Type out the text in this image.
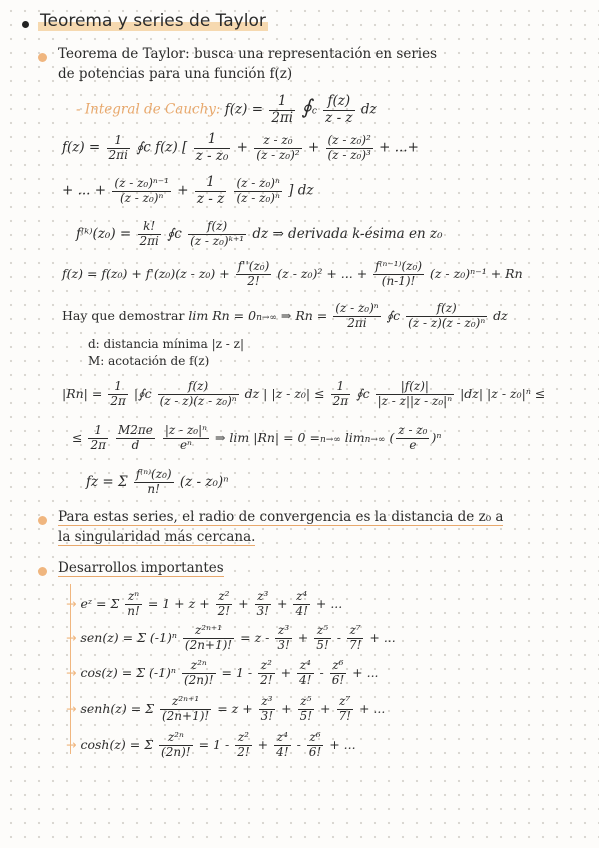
Teorema y series de Taylor
Teorema de Taylor: busca una representación en series
de potencias para una función f(z)
- Integral de Cauchy: $f(z) = \frac{1}{2\pi i}$ ∮c $\frac{f(z)}{z - z}$ dz
$f(z) = \frac{1}{2\pi i}$ ∮c f(z) [ $\frac{1}{\text{z - z₀}} + \frac{\text{z - z₀}}{\text{(z - z₀)²}} + \frac{\text{(z - z₀)²}}{\text{(z - z₀)³}}$ + ...+
+ ... + $\frac{\text{(z - z₀)ⁿ⁻¹}}{\text{(z - z₀)ⁿ}} + \frac{1}{z - z}$
$\frac{\text{(z - z₀)ⁿ}}{\text{(z - z₀)ⁿ}}$ ] dz
f⁽ᵏ⁾(z₀) = $\frac{k!}{2\pi i}$ ∮c $\frac{f(z)}{\text{(z - z₀)ᵏ⁺¹}}$ dz ⇒ derivada k-ésima en z₀
$f(z) = f(z_0) + f'(z_0)(z - z_0) + \frac{\text{f''(z₀)}}{2!} (z - z_0)^2$ + ... + $\frac{\text{f⁽ⁿ⁻¹⁾(z₀)}}{(n-1)!} (z - z_0)^{n-1} + Rn$
Hay que demostrar lim Rn = 0n→∞ ⇒ $Rn = \frac{\text{(z - z₀)ⁿ}}{2\pi i}$ ∮c $\frac{f(z)}{\text{(z - z)(z - z₀)ⁿ}}$ dz
d: distancia mínima |z - z|
M: acotación de f(z)
$|Rn| = \frac{1}{2\pi}$ |∮c $\frac{f(z)}{\text{(z - z)(z - z₀)ⁿ}}$ dz | $|z - z_0| \le \frac{1}{2\pi}$ ∮c $\frac{|f(z)|}{\text{|z - z||z - z₀|ⁿ}} |dz|$ |z - z₀|ⁿ ≤
≤ $\frac{1}{2\pi}$
$\frac{M2\pi e}{d}$
$\frac{\text{|z - z₀|ⁿ}}{\text{eⁿ}}$ ⇒ lim |Rn| = 0 =n→∞ limn→∞ ( $\frac{\text{z - z₀}}{e} )^n$
fz = Σ $\frac{\text{f⁽ⁿ⁾(z₀)}}{n!} (z - z_0)^n$
Para estas series, el radio de convergencia es la distancia de z₀ a
la singularidad más cercana.
Desarrollos importantes
→ eᶻ = Σ $\frac{\text{zⁿ}}{n!} = 1 + z + \frac{\text{z²}}{2!} + \frac{\text{z³}}{3!} + \frac{\text{z⁴}}{4!}$ + ...
→ sen(z) = Σ $(-1)^n \frac{\text{z²ⁿ⁺¹}}{(2n+1)!} = z - \frac{\text{z³}}{3!} + \frac{\text{z⁵}}{5!} - \frac{\text{z⁷}}{7!}$ + ...
→ cos(z) = Σ $(-1)^n \frac{\text{z²ⁿ}}{(2n)!} = 1 - \frac{\text{z²}}{2!} + \frac{\text{z⁴}}{4!} - \frac{\text{z⁶}}{6!}$ + ...
→ senh(z) = Σ $\frac{\text{z²ⁿ⁺¹}}{(2n+1)!} = z + \frac{\text{z³}}{3!} + \frac{\text{z⁵}}{5!} + \frac{\text{z⁷}}{7!}$ + ...
→ cosh(z) = Σ $\frac{\text{z²ⁿ}}{(2n)!} = 1 - \frac{\text{z²}}{2!} + \frac{\text{z⁴}}{4!} - \frac{\text{z⁶}}{6!}$ + ...
